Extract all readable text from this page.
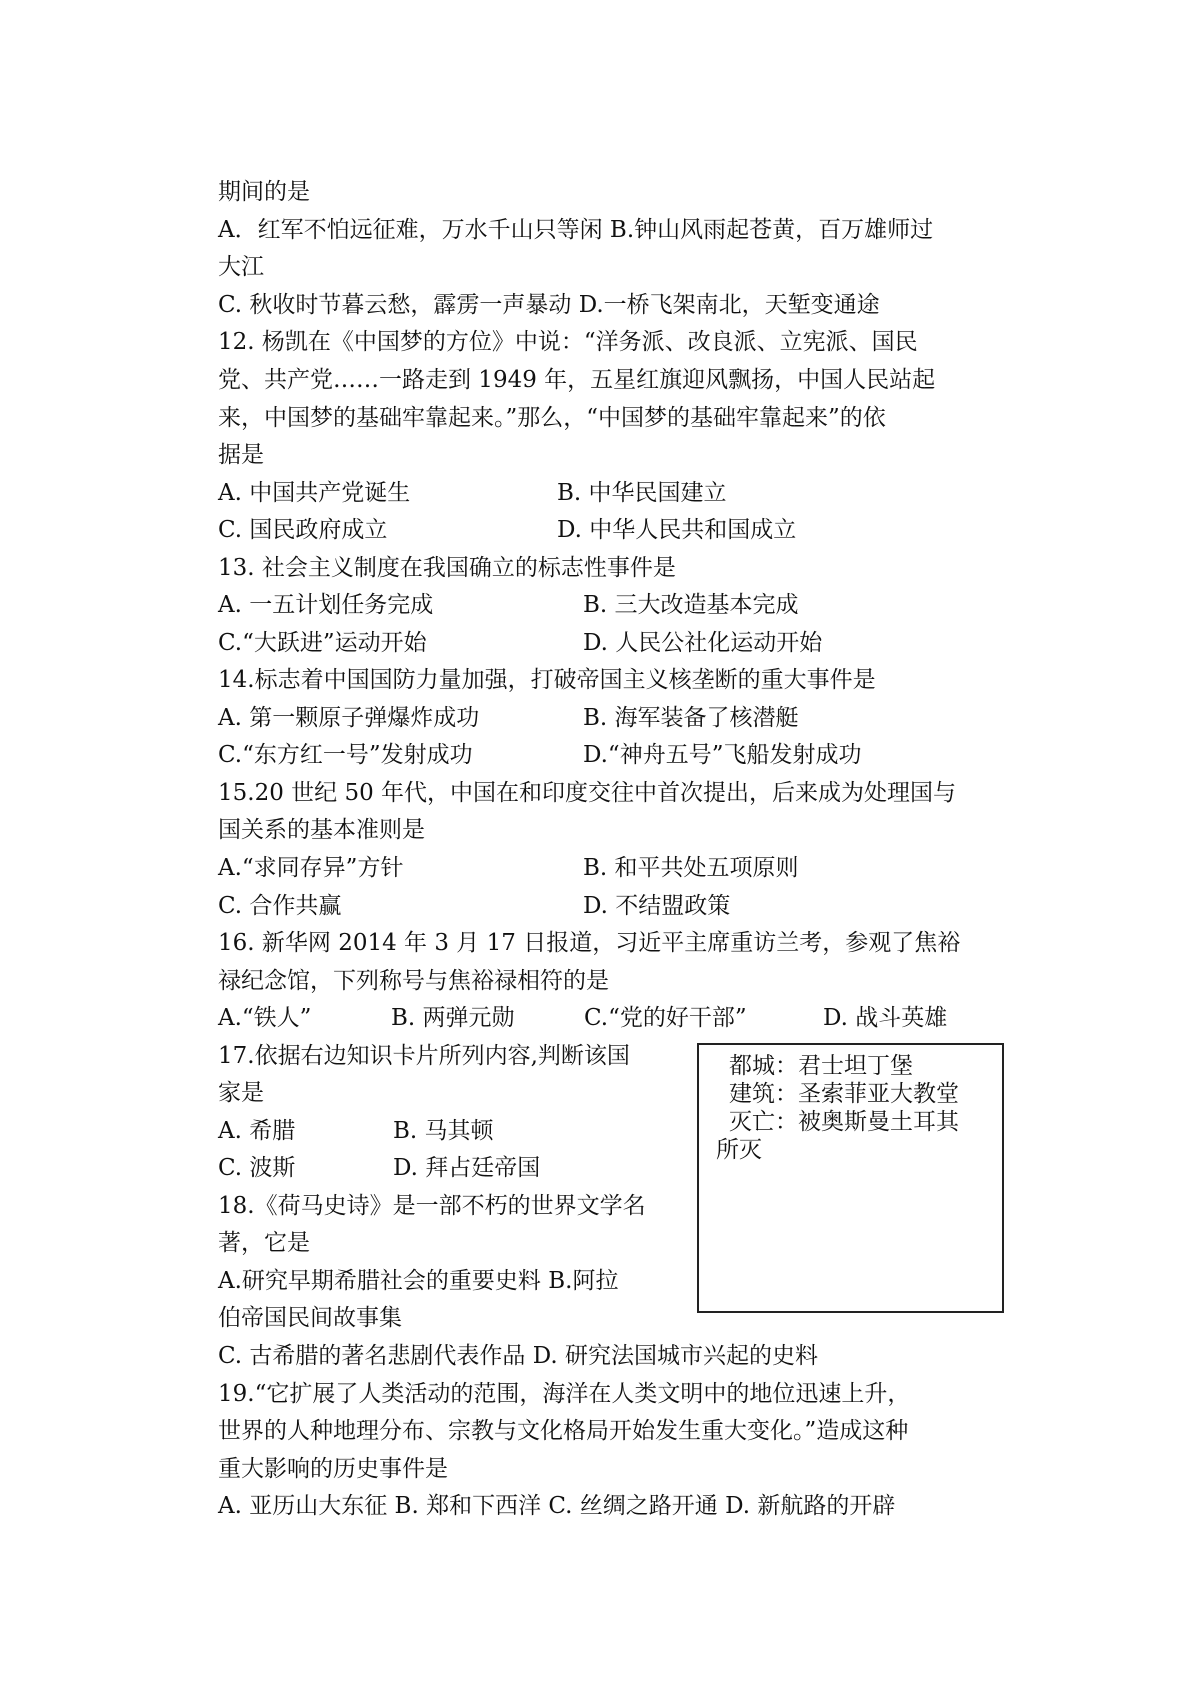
期间的是
A．红军不怕远征难，万水千山只等闲 B.钟山风雨起苍黄，百万雄师过
大江
C. 秋收时节暮云愁，霹雳一声暴动 D.一桥飞架南北，天堑变通途
12. 杨凯在《中国梦的方位》中说：“洋务派、改良派、立宪派、国民
党、共产党……一路走到 1949 年，五星红旗迎风飘扬，中国人民站起
来，中国梦的基础牢靠起来。”那么，“中国梦的基础牢靠起来”的依
据是
A. 中国共产党诞生	B. 中华民国建立
C. 国民政府成立	D. 中华人民共和国成立
13. 社会主义制度在我国确立的标志性事件是
A. 一五计划任务完成	B. 三大改造基本完成
C.“大跃进”运动开始	D. 人民公社化运动开始
14.标志着中国国防力量加强，打破帝国主义核垄断的重大事件是
A. 第一颗原子弹爆炸成功	B. 海军装备了核潜艇
C.“东方红一号”发射成功	D.“神舟五号”飞船发射成功
15.20 世纪 50 年代，中国在和印度交往中首次提出，后来成为处理国与
国关系的基本准则是
A.“求同存异”方针	B. 和平共处五项原则
C. 合作共赢	D. 不结盟政策
16. 新华网 2014 年 3 月 17 日报道，习近平主席重访兰考，参观了焦裕
禄纪念馆，下列称号与焦裕禄相符的是
A.“铁人”	B. 两弹元勋	C.“党的好干部”	D. 战斗英雄
17.依据右边知识卡片所列内容,判断该国
家是
A. 希腊	B. 马其顿
C. 波斯	D. 拜占廷帝国
都城：君士坦丁堡
建筑：圣索菲亚大教堂
灭亡：被奥斯曼土耳其
所灭
18.《荷马史诗》是一部不朽的世界文学名
著，它是
A.研究早期希腊社会的重要史料 B.阿拉
伯帝国民间故事集
C. 古希腊的著名悲剧代表作品 D. 研究法国城市兴起的史料
19.“它扩展了人类活动的范围，海洋在人类文明中的地位迅速上升，
世界的人种地理分布、宗教与文化格局开始发生重大变化。”造成这种
重大影响的历史事件是
A. 亚历山大东征 B. 郑和下西洋 C. 丝绸之路开通 D. 新航路的开辟
